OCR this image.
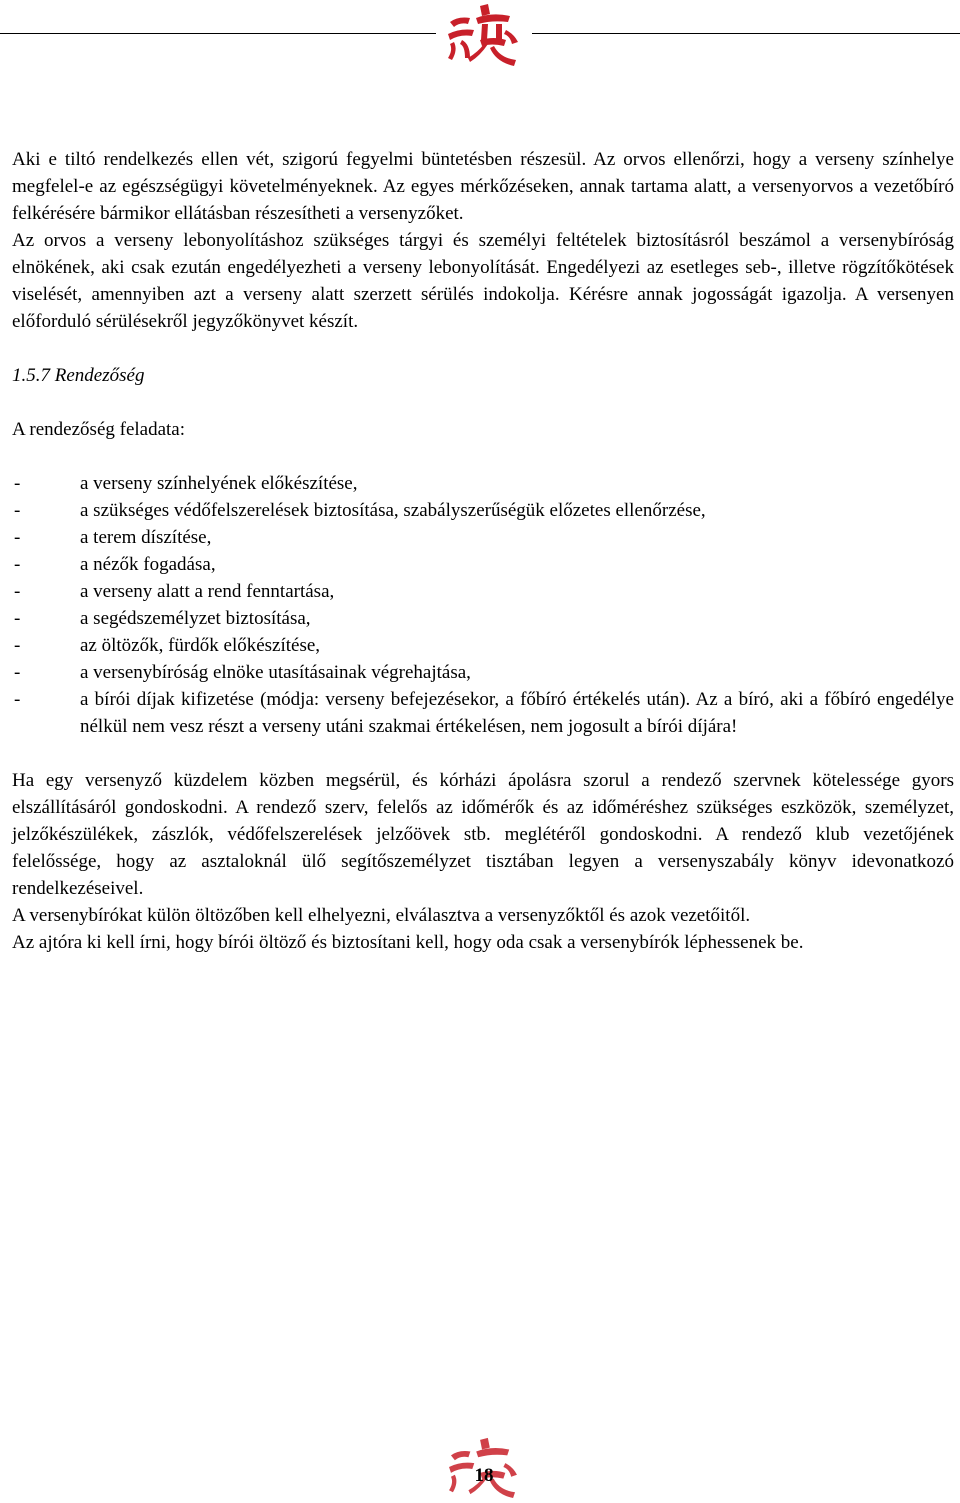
Aki e tiltó rendelkezés ellen vét, szigorú fegyelmi büntetésben részesül. Az orvos ellenőrzi, hogy a verseny színhelye megfelel-e az egészségügyi követelményeknek. Az egyes mérkőzéseken, annak tartama alatt, a versenyorvos a vezetőbíró felkérésére bármikor ellátásban részesítheti a versenyzőket.

Az orvos a verseny lebonyolításhoz szükséges tárgyi és személyi feltételek biztosításról beszámol a versenybíróság elnökének, aki csak ezután engedélyezheti a verseny lebonyolítását. Engedélyezi az esetleges seb-, illetve rögzítőkötések viselését, amennyiben azt a verseny alatt szerzett sérülés indokolja. Kérésre annak jogosságát igazolja. A versenyen előforduló sérülésekről jegyzőkönyvet készít.

1.5.7 Rendezőség

A rendezőség feladata:

-	a verseny színhelyének előkészítése,
-	a szükséges védőfelszerelések biztosítása, szabályszerűségük előzetes ellenőrzése,
-	a terem díszítése,
-	a nézők fogadása,
-	a verseny alatt a rend fenntartása,
-	a segédszemélyzet biztosítása,
-	az öltözők, fürdők előkészítése,
-	a versenybíróság elnöke utasításainak végrehajtása,
-	a bírói díjak kifizetése (módja: verseny befejezésekor, a főbíró értékelés után). Az a bíró, aki a főbíró engedélye nélkül nem vesz részt a verseny utáni szakmai értékelésen, nem jogosult a bírói díjára!

Ha egy versenyző küzdelem közben megsérül, és kórházi ápolásra szorul a rendező szervnek kötelessége gyors elszállításáról gondoskodni. A rendező szerv, felelős az időmérők és az időméréshez szükséges eszközök, személyzet, jelzőkészülékek, zászlók, védőfelszerelések jelzőövek stb. meglétéről gondoskodni. A rendező klub vezetőjének felelőssége, hogy az asztaloknál ülő segítőszemélyzet tisztában legyen a versenyszabály könyv idevonatkozó rendelkezéseivel.

A versenybírókat külön öltözőben kell elhelyezni, elválasztva a versenyzőktől és azok vezetőitől.

Az ajtóra ki kell írni, hogy bírói öltöző és biztosítani kell, hogy oda csak a versenybírók léphessenek be.

18
